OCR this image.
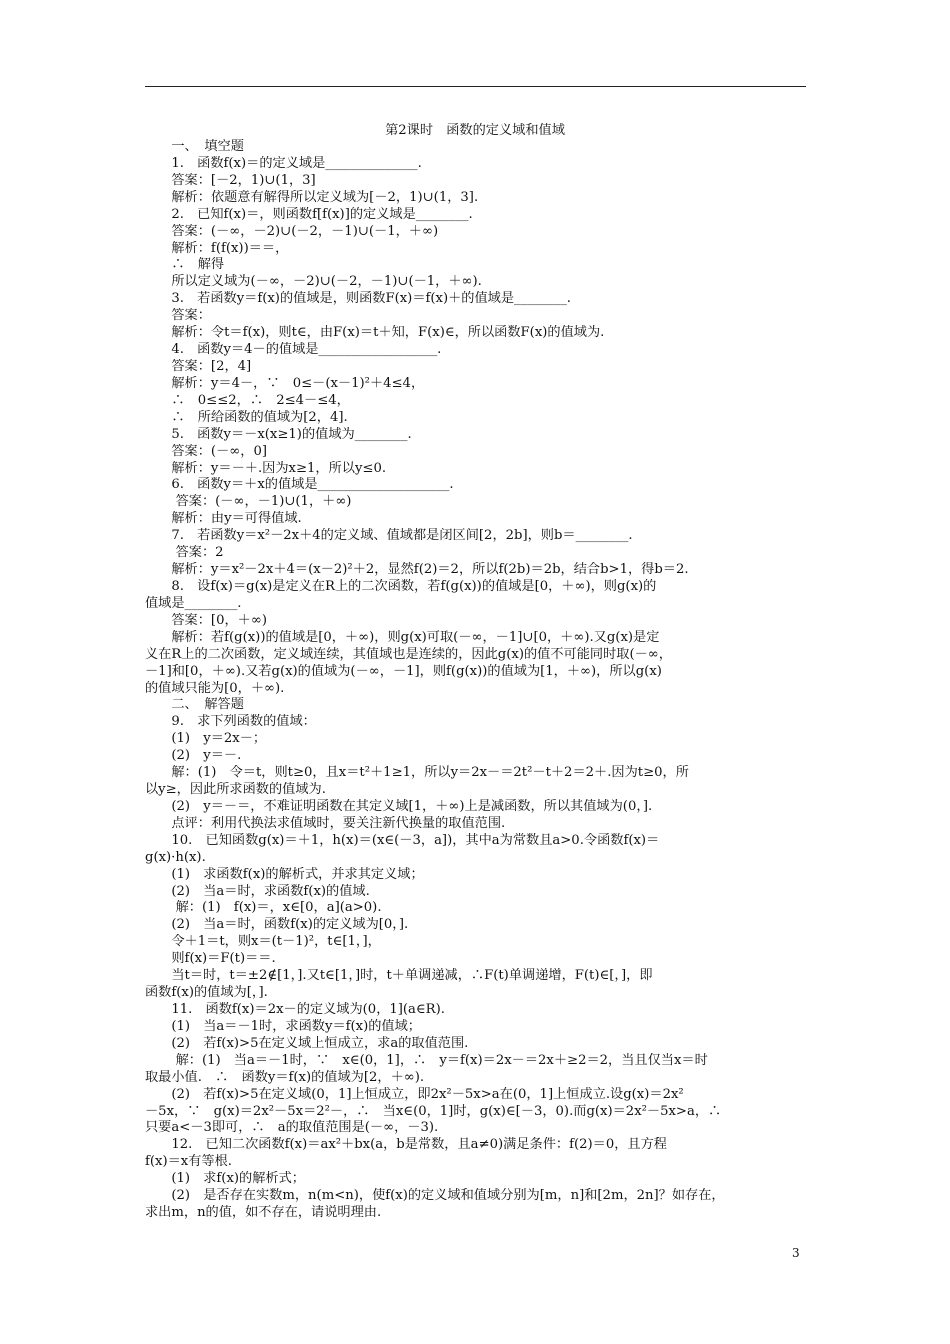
第2课时　函数的定义域和值域
　　一、　填空题
　　1.　函数f(x)＝的定义域是______________.
　　答案：[－2，1)∪(1，3]
　　解析：依题意有解得所以定义域为[－2，1)∪(1，3].
　　2.　已知f(x)＝，则函数f[f(x)]的定义域是________.
　　答案：(－∞，－2)∪(－2，－1)∪(－1，＋∞)
　　解析：f(f(x))＝＝，
　　∴　解得
　　所以定义域为(－∞，－2)∪(－2，－1)∪(－1，＋∞).
　　3.　若函数y＝f(x)的值域是，则函数F(x)＝f(x)＋的值域是________.
　　答案：
　　解析：令t＝f(x)，则t∈，由F(x)＝t＋知，F(x)∈，所以函数F(x)的值域为.
　　4.　函数y＝4－的值域是__________________.
　　答案：[2，4]
　　解析：y＝4－，∵　0≤－(x－1)²＋4≤4，
　　∴　0≤≤2，∴　2≤4－≤4，
　　∴　所给函数的值域为[2，4].
　　5.　函数y＝－x(x≥1)的值域为________.
　　答案：(－∞，0]
　　解析：y＝－＋.因为x≥1，所以y≤0.
　　6.　函数y＝＋x的值域是____________________.
　　 答案：(－∞，－1)∪(1，＋∞)
　　解析：由y＝可得值域.
　　7.　若函数y＝x²－2x＋4的定义域、值域都是闭区间[2，2b]，则b＝________.
　　 答案：2
　　解析：y＝x²－2x＋4＝(x－2)²＋2，显然f(2)＝2，所以f(2b)＝2b，结合b>1，得b＝2.
　　8.　设f(x)＝g(x)是定义在R上的二次函数，若f(g(x))的值域是[0，＋∞)，则g(x)的
值域是________.
　　答案：[0，＋∞)
　　解析：若f(g(x))的值域是[0，＋∞)，则g(x)可取(－∞，－1]∪[0，＋∞).又g(x)是定
义在R上的二次函数，定义域连续，其值域也是连续的，因此g(x)的值不可能同时取(－∞，
－1]和[0，＋∞).又若g(x)的值域为(－∞，－1]，则f(g(x))的值域为[1，＋∞)，所以g(x)
的值域只能为[0，＋∞).
　　二、　解答题
　　9.　求下列函数的值域：
　　(1)　y＝2x－；
　　(2)　y＝－.
　　解：(1)　令＝t，则t≥0，且x＝t²＋1≥1，所以y＝2x－＝2t²－t＋2＝2＋.因为t≥0，所
以y≥，因此所求函数的值域为.
　　(2)　y＝－＝，不难证明函数在其定义域[1，＋∞)上是减函数，所以其值域为(0，].
　　点评：利用代换法求值域时，要关注新代换量的取值范围.
　　10.　已知函数g(x)＝＋1，h(x)＝(x∈(－3，a])，其中a为常数且a>0.令函数f(x)＝
g(x)·h(x).
　　(1)　求函数f(x)的解析式，并求其定义域；
　　(2)　当a＝时，求函数f(x)的值域.
　　 解：(1)　f(x)＝，x∈[0，a](a>0).
　　(2)　当a＝时，函数f(x)的定义域为[0，].
　　令＋1＝t，则x＝(t－1)²，t∈[1，]，
　　则f(x)＝F(t)＝＝.
　　当t＝时，t＝±2∉[1，].又t∈[1，]时，t＋单调递减，∴F(t)单调递增，F(t)∈[，]，即
函数f(x)的值域为[，].
　　11.　函数f(x)＝2x－的定义域为(0，1](a∈R).
　　(1)　当a＝－1时，求函数y＝f(x)的值域；
　　(2)　若f(x)>5在定义域上恒成立，求a的取值范围.
　　 解：(1)　当a＝－1时，∵　x∈(0，1]，∴　y＝f(x)＝2x－＝2x＋≥2＝2，当且仅当x＝时
取最小值.　∴　函数y＝f(x)的值域为[2，＋∞).
　　(2)　若f(x)>5在定义域(0，1]上恒成立，即2x²－5x>a在(0，1]上恒成立.设g(x)＝2x²
－5x，∵　g(x)＝2x²－5x＝2²－，∴　当x∈(0，1]时，g(x)∈[－3，0).而g(x)＝2x²－5x>a，∴
只要a<－3即可，∴　a的取值范围是(－∞，－3).
　　12.　已知二次函数f(x)＝ax²＋bx(a，b是常数，且a≠0)满足条件：f(2)＝0，且方程
f(x)＝x有等根.
　　(1)　求f(x)的解析式；
　　(2)　是否存在实数m，n(m<n)，使f(x)的定义域和值域分别为[m，n]和[2m，2n]？如存在，
求出m，n的值，如不存在，请说明理由.
3
